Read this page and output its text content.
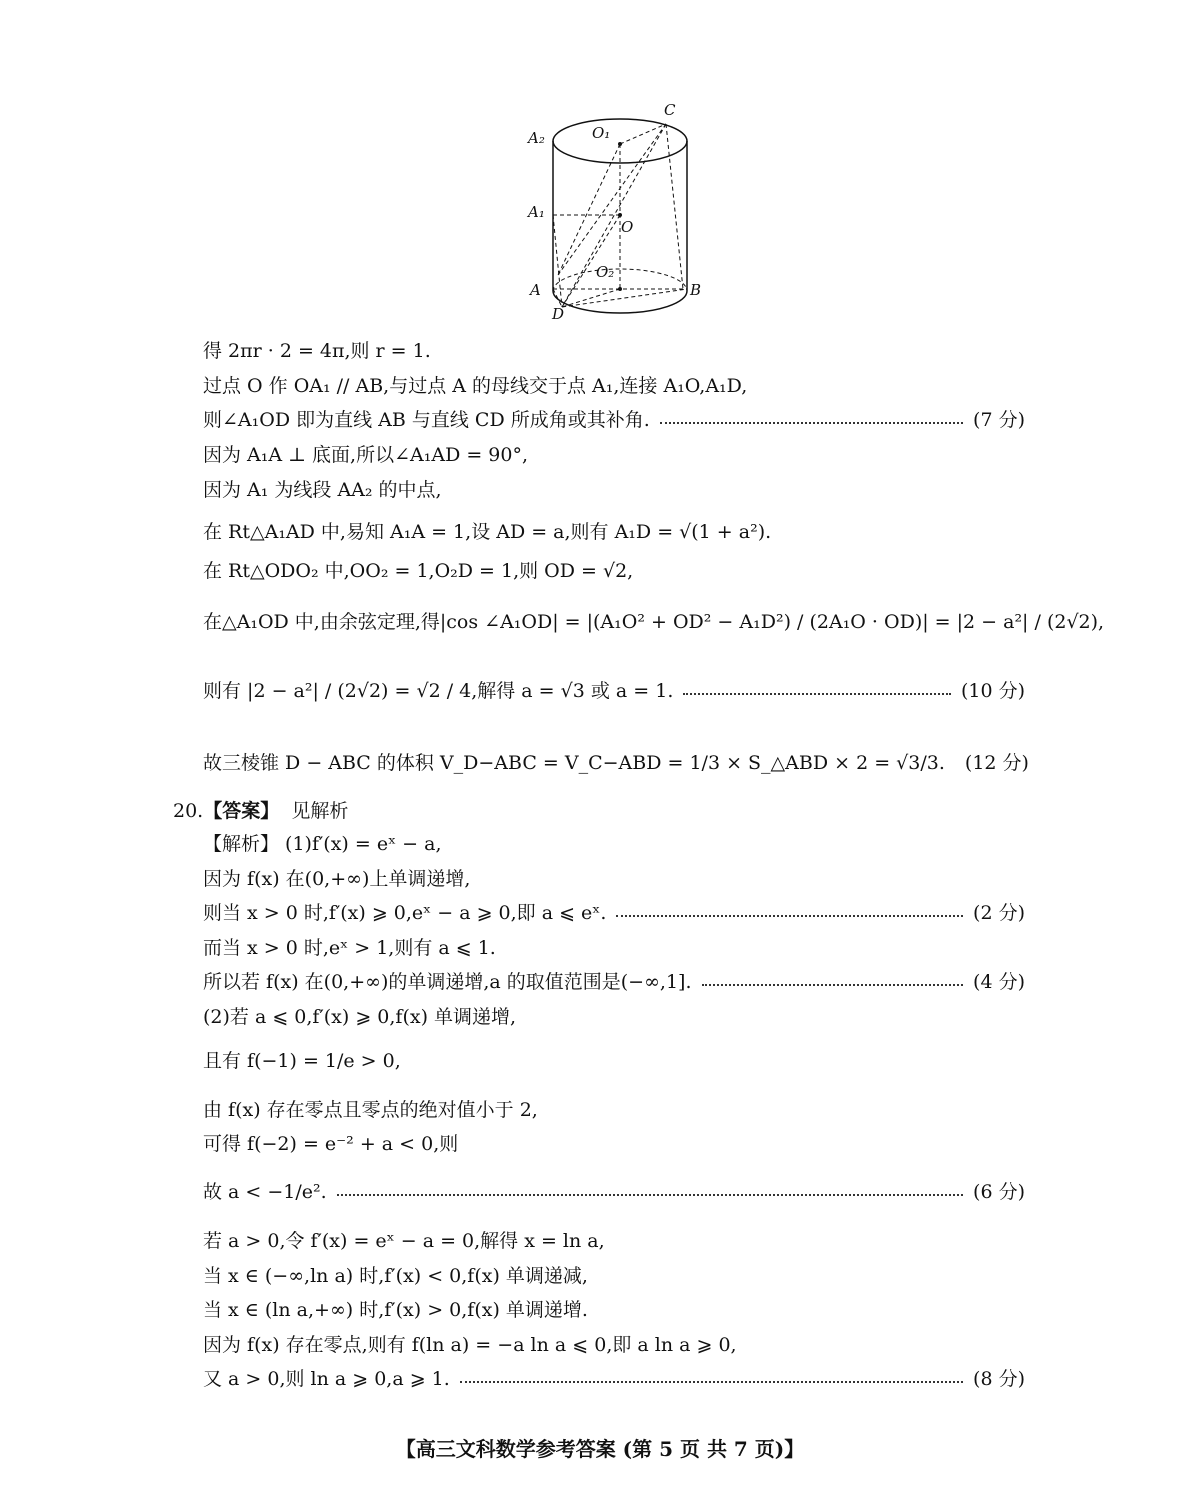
C
A₂	O₁
A₁
O
O₂
A	B
D
得 2πr · 2 = 4π,则 r = 1.
过点 O 作 OA₁ // AB,与过点 A 的母线交于点 A₁,连接 A₁O,A₁D,
则∠A₁OD 即为直线 AB 与直线 CD 所成角或其补角.	(7 分)
因为 A₁A ⊥ 底面,所以∠A₁AD = 90°,
因为 A₁ 为线段 AA₂ 的中点,
在 Rt△A₁AD 中,易知 A₁A = 1,设 AD = a,则有 A₁D = √(1 + a²).
在 Rt△ODO₂ 中,OO₂ = 1,O₂D = 1,则 OD = √2,
在△A₁OD 中,由余弦定理,得|cos ∠A₁OD| = |(A₁O² + OD² − A₁D²) / (2A₁O · OD)| = |2 − a²| / (2√2),
则有 |2 − a²| / (2√2) = √2 / 4,解得 a = √3 或 a = 1.	(10 分)
故三棱锥 D − ABC 的体积 V_D−ABC = V_C−ABD = 1/3 × S_△ABD × 2 = √3/3. (12 分)
20.【答案】 见解析
【解析】 (1)f′(x) = eˣ − a,
因为 f(x) 在(0,+∞)上单调递增,
则当 x > 0 时,f′(x) ⩾ 0,eˣ − a ⩾ 0,即 a ⩽ eˣ.	(2 分)
而当 x > 0 时,eˣ > 1,则有 a ⩽ 1.
所以若 f(x) 在(0,+∞)的单调递增,a 的取值范围是(−∞,1].	(4 分)
(2)若 a ⩽ 0,f′(x) ⩾ 0,f(x) 单调递增,
且有 f(−1) = 1/e > 0,
由 f(x) 存在零点且零点的绝对值小于 2,
可得 f(−2) = e⁻² + a < 0,则
故 a < −1/e².	(6 分)
若 a > 0,令 f′(x) = eˣ − a = 0,解得 x = ln a,
当 x ∈ (−∞,ln a) 时,f′(x) < 0,f(x) 单调递减,
当 x ∈ (ln a,+∞) 时,f′(x) > 0,f(x) 单调递增.
因为 f(x) 存在零点,则有 f(ln a) = −a ln a ⩽ 0,即 a ln a ⩾ 0,
又 a > 0,则 ln a ⩾ 0,a ⩾ 1.	(8 分)
【高三文科数学参考答案 (第 5 页 共 7 页)】
